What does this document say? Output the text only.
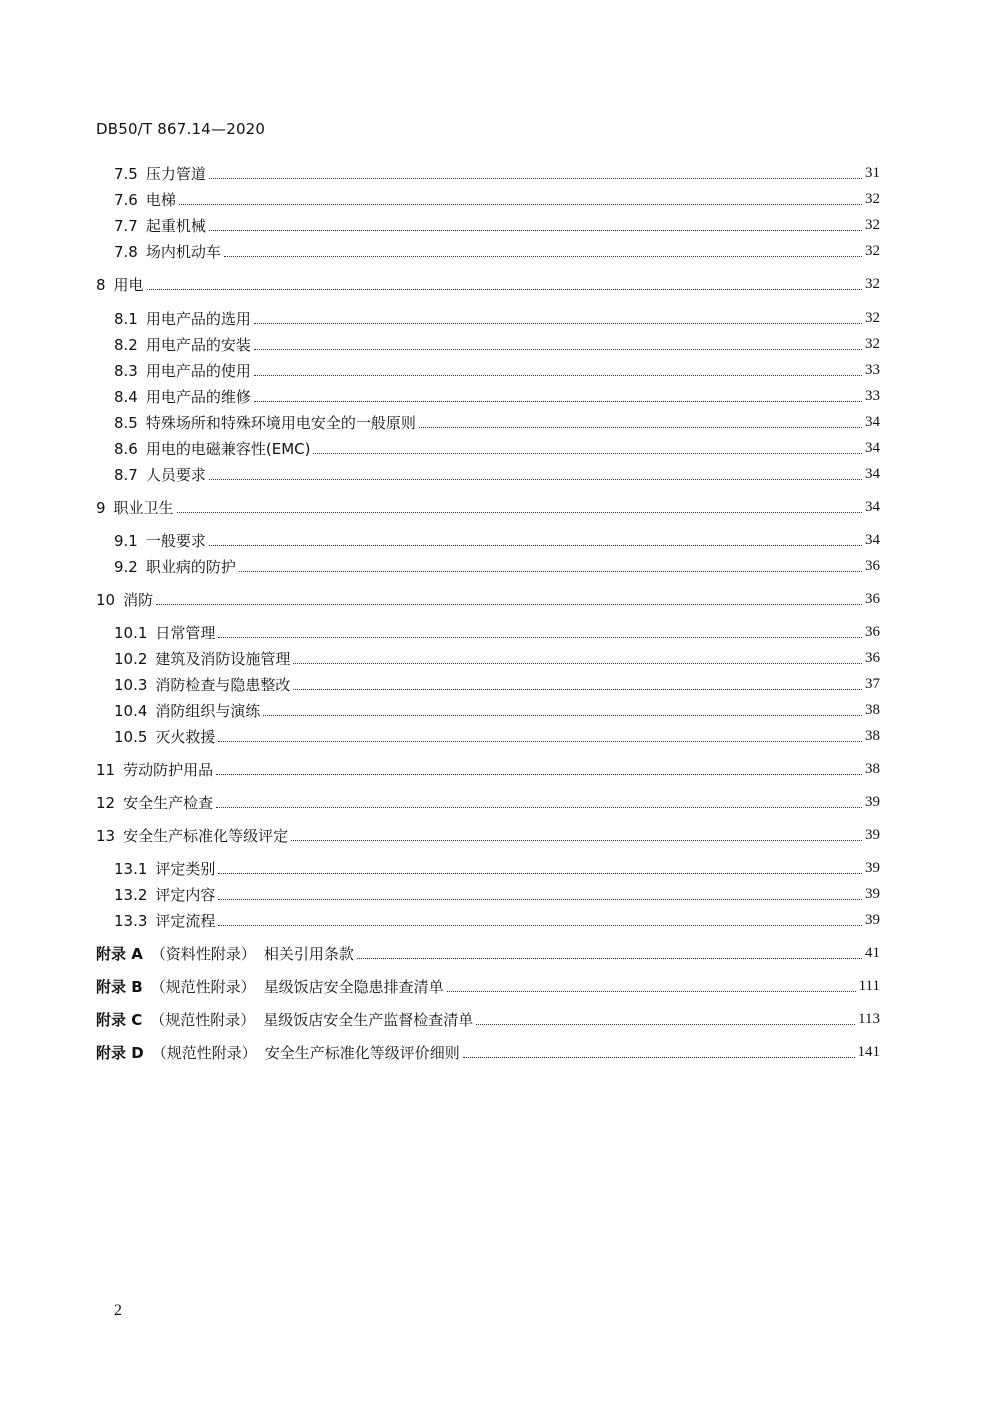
DB50/T 867.14—2020
7.5 压力管道	31
7.6 电梯	32
7.7 起重机械	32
7.8 场内机动车	32
8 用电	32
8.1 用电产品的选用	32
8.2 用电产品的安装	32
8.3 用电产品的使用	33
8.4 用电产品的维修	33
8.5 特殊场所和特殊环境用电安全的一般原则	34
8.6 用电的电磁兼容性(EMC)	34
8.7 人员要求	34
9 职业卫生	34
9.1 一般要求	34
9.2 职业病的防护	36
10 消防	36
10.1 日常管理	36
10.2 建筑及消防设施管理	36
10.3 消防检查与隐患整改	37
10.4 消防组织与演练	38
10.5 灭火救援	38
11 劳动防护用品	38
12 安全生产检查	39
13 安全生产标准化等级评定	39
13.1 评定类别	39
13.2 评定内容	39
13.3 评定流程	39
附录 A （资料性附录） 相关引用条款	41
附录 B （规范性附录） 星级饭店安全隐患排查清单	111
附录 C （规范性附录） 星级饭店安全生产监督检查清单	113
附录 D （规范性附录） 安全生产标准化等级评价细则	141
2
